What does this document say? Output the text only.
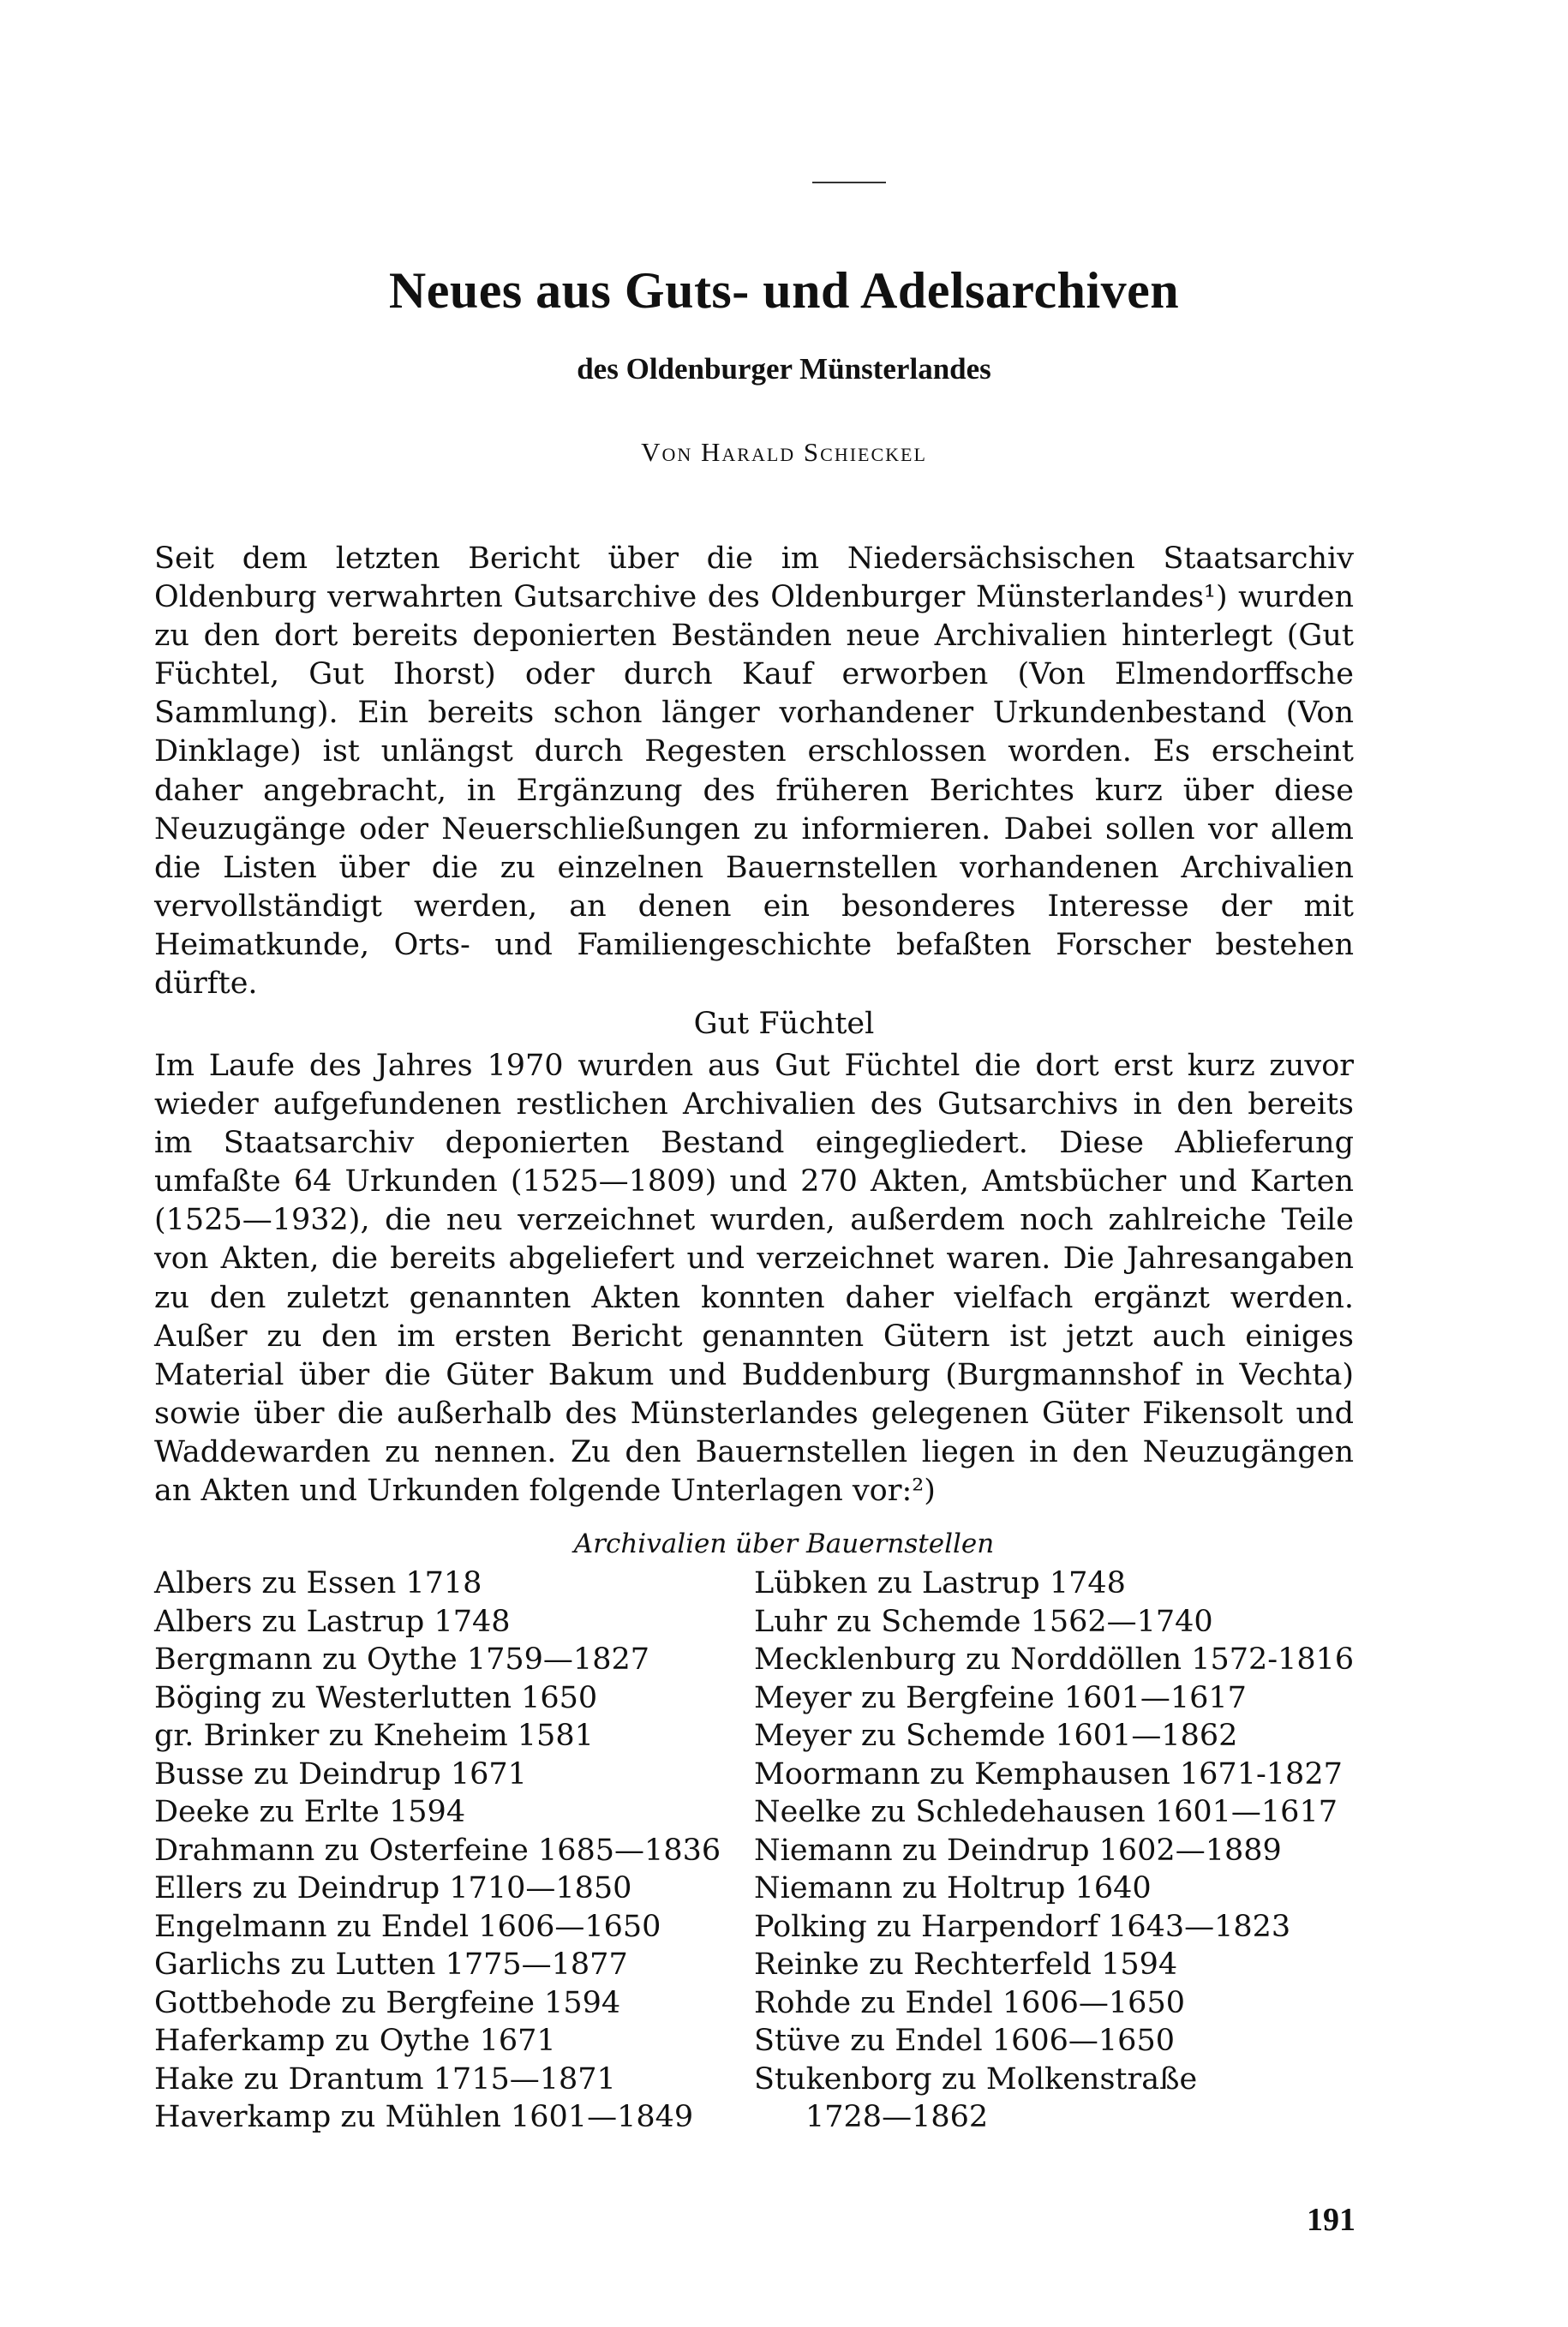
Neues aus Guts- und Adelsarchiven
des Oldenburger Münsterlandes
Von Harald Schieckel

Seit dem letzten Bericht über die im Niedersächsischen Staatsarchiv Oldenburg verwahrten Gutsarchive des Oldenburger Münsterlandes¹) wurden zu den dort bereits deponierten Beständen neue Archivalien hinterlegt (Gut Füchtel, Gut Ihorst) oder durch Kauf erworben (Von Elmendorffsche Sammlung). Ein bereits schon länger vorhandener Urkundenbestand (Von Dinklage) ist unlängst durch Regesten erschlossen worden. Es erscheint daher angebracht, in Ergänzung des früheren Berichtes kurz über diese Neuzugänge oder Neuerschließungen zu informieren. Dabei sollen vor allem die Listen über die zu einzelnen Bauernstellen vorhandenen Archivalien vervollständigt werden, an denen ein besonderes Interesse der mit Heimatkunde, Orts- und Familiengeschichte befaßten Forscher bestehen dürfte.

Gut Füchtel

Im Laufe des Jahres 1970 wurden aus Gut Füchtel die dort erst kurz zuvor wieder aufgefundenen restlichen Archivalien des Gutsarchivs in den bereits im Staatsarchiv deponierten Bestand eingegliedert. Diese Ablieferung umfaßte 64 Urkunden (1525—1809) und 270 Akten, Amtsbücher und Karten (1525—1932), die neu verzeichnet wurden, außerdem noch zahlreiche Teile von Akten, die bereits abgeliefert und verzeichnet waren. Die Jahresangaben zu den zuletzt genannten Akten konnten daher vielfach ergänzt werden. Außer zu den im ersten Bericht genannten Gütern ist jetzt auch einiges Material über die Güter Bakum und Buddenburg (Burgmannshof in Vechta) sowie über die außerhalb des Münsterlandes gelegenen Güter Fikensolt und Waddewarden zu nennen. Zu den Bauernstellen liegen in den Neuzugängen an Akten und Urkunden folgende Unterlagen vor:²)

Archivalien über Bauernstellen
Albers zu Essen 1718
Albers zu Lastrup 1748
Bergmann zu Oythe 1759—1827
Böging zu Westerlutten 1650
gr. Brinker zu Kneheim 1581
Busse zu Deindrup 1671
Deeke zu Erlte 1594
Drahmann zu Osterfeine 1685—1836
Ellers zu Deindrup 1710—1850
Engelmann zu Endel 1606—1650
Garlichs zu Lutten 1775—1877
Gottbehode zu Bergfeine 1594
Haferkamp zu Oythe 1671
Hake zu Drantum 1715—1871
Haverkamp zu Mühlen 1601—1849
Lübken zu Lastrup 1748
Luhr zu Schemde 1562—1740
Mecklenburg zu Norddöllen 1572-1816
Meyer zu Bergfeine 1601—1617
Meyer zu Schemde 1601—1862
Moormann zu Kemphausen 1671-1827
Neelke zu Schledehausen 1601—1617
Niemann zu Deindrup 1602—1889
Niemann zu Holtrup 1640
Polking zu Harpendorf 1643—1823
Reinke zu Rechterfeld 1594
Rohde zu Endel 1606—1650
Stüve zu Endel 1606—1650
Stukenborg zu Molkenstraße
1728—1862
191
